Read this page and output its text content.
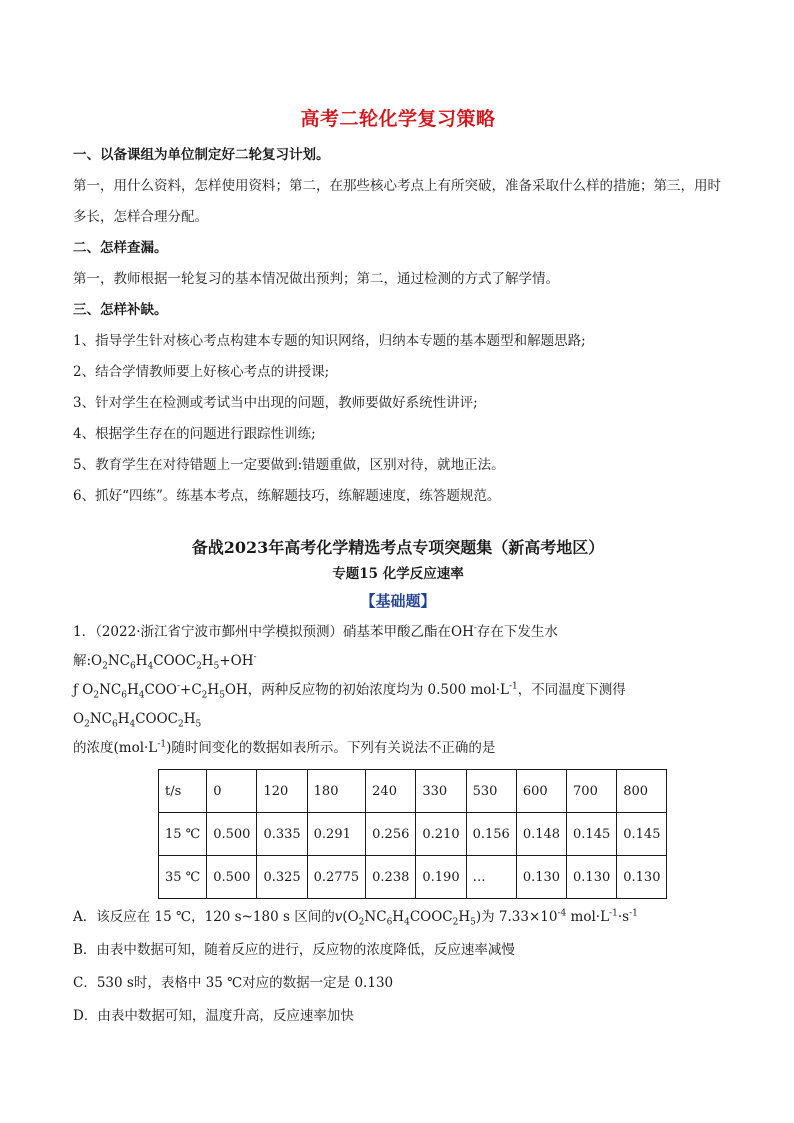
高考二轮化学复习策略

一、以备课组为单位制定好二轮复习计划。

第一，用什么资料，怎样使用资料；第二，在那些核心考点上有所突破，准备采取什么样的措施；第三，用时多长，怎样合理分配。

二、怎样查漏。

第一，教师根据一轮复习的基本情况做出预判；第二，通过检测的方式了解学情。

三、怎样补缺。

1、指导学生针对核心考点构建本专题的知识网络，归纳本专题的基本题型和解题思路;

2、结合学情教师要上好核心考点的讲授课;

3、针对学生在检测或考试当中出现的问题，教师要做好系统性讲评;

4、根据学生存在的问题进行跟踪性训练;

5、教育学生在对待错题上一定要做到:错题重做，区别对待，就地正法。

6、抓好“四练”。练基本考点，练解题技巧，练解题速度，练答题规范。

备战2023年高考化学精选考点专项突题集（新高考地区）
专题15 化学反应速率
【基础题】

1．（2022·浙江省宁波市鄞州中学模拟预测）硝基苯甲酸乙酯在OH-存在下发生水解$:O_2NC_6H_4COOC_2H_5+OH^-$

ƒ $O_2NC_6H_4COO^-+C_2H_5OH$，两种反应物的初始浓度均为 0.500 $mol\cdot L^{-1}$，不同温度下测得 $O_2NC_6H_4COOC_2H_5$

的浓度$(mol\cdot L^{-1})$随时间变化的数据如表所示。下列有关说法不正确的是

t/s	0	120	180	240	330	530	600	700	800
15 ℃	0.500	0.335	0.291	0.256	0.210	0.156	0.148	0.145	0.145
35 ℃	0.500	0.325	0.2775	0.238	0.190	…	0.130	0.130	0.130

A．该反应在 15 ℃，120 s~180 s 区间的$v(O_2NC_6H_4COOC_2H_5)$为 $7.33\times 10^{-4}$ $mol\cdot L^{-1}\cdot s^{-1}$

B．由表中数据可知，随着反应的进行，反应物的浓度降低，反应速率减慢

C．530 s时，表格中 35 ℃对应的数据一定是 0.130

D．由表中数据可知，温度升高，反应速率加快
